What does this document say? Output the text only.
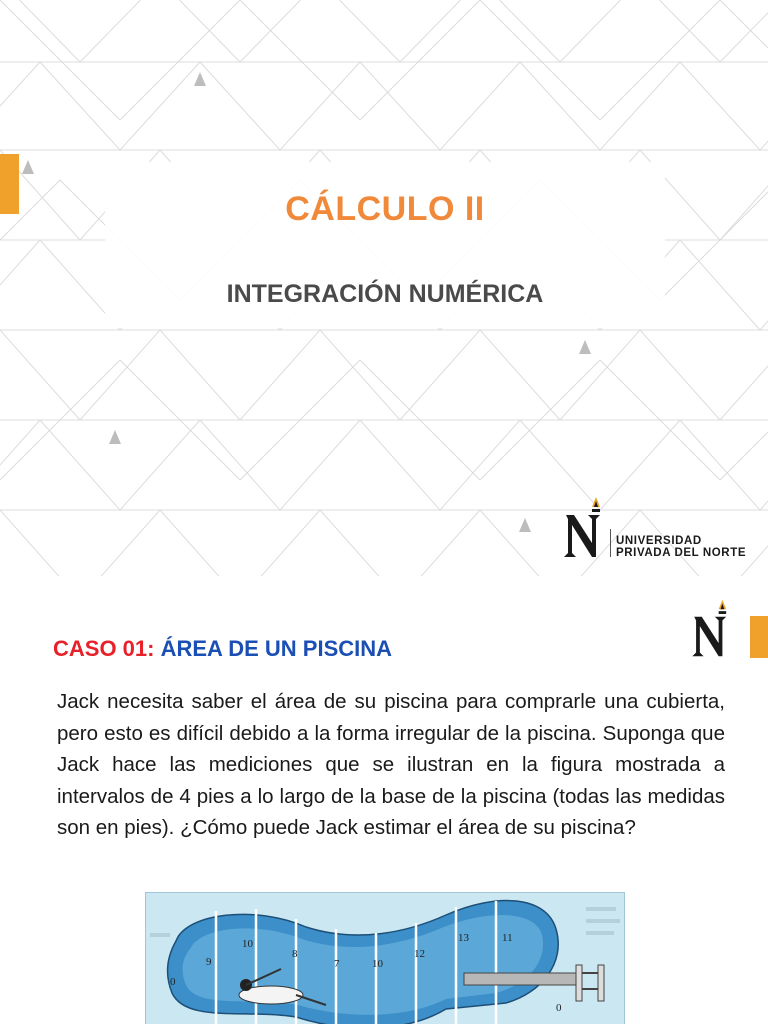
CÁLCULO II
INTEGRACIÓN NUMÉRICA
UNIVERSIDAD
PRIVADA DEL NORTE
CASO 01: ÁREA DE UN PISCINA
Jack necesita saber el área de su piscina para comprarle una cubierta, pero esto es difícil debido a la forma irregular de la piscina. Suponga que Jack hace las mediciones que se ilustran en la figura mostrada a intervalos de 4 pies a lo largo de la base de la piscina (todas las medidas son en pies). ¿Cómo puede Jack estimar el área de su piscina?
0
9
10
8
7	10
12
13	11
0
